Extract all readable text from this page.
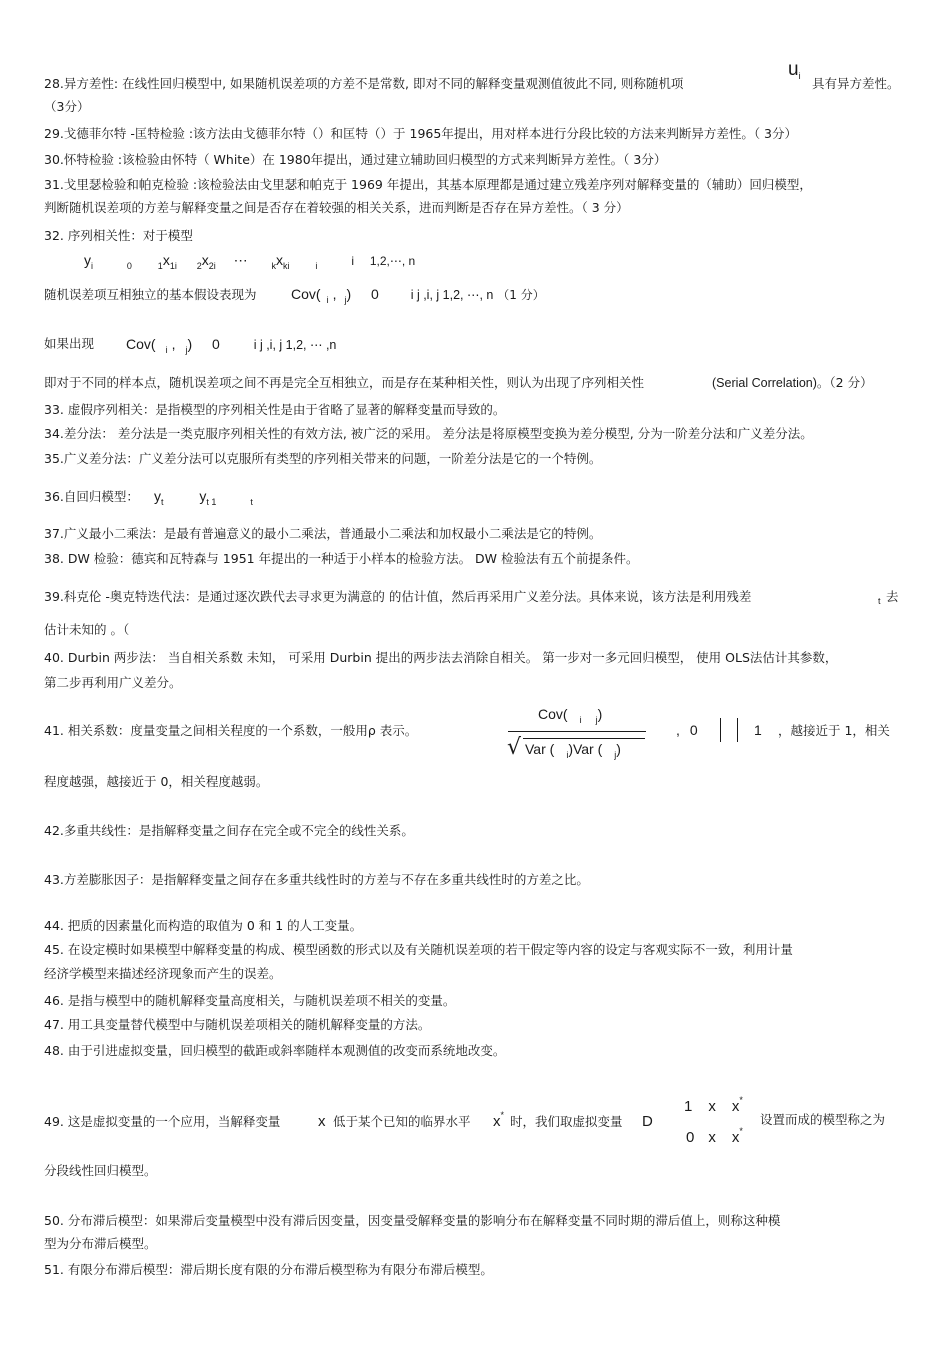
28.异方差性: 在线性回归模型中, 如果随机误差项的方差不是常数, 即对不同的解释变量观测值彼此不同, 则称随机项
$u_i$ 具有异方差性。
（3分）
29.戈德菲尔特 -匡特检验 :该方法由戈德菲尔特（）和匡特（）于 1965年提出，用对样本进行分段比较的方法来判断异方差性。（ 3分）
30.怀特检验 :该检验由怀特（ White）在 1980年提出，通过建立辅助回归模型的方式来判断异方差性。（ 3分）
31.戈里瑟检验和帕克检验 :该检验法由戈里瑟和帕克于 1969 年提出，其基本原理都是通过建立残差序列对解释变量的（辅助）回归模型，
判断随机误差项的方差与解释变量之间是否存在着较强的相关关系，进而判断是否存在异方差性。（ 3 分）
32. 序列相关性：对于模型
$y_i$	$_0$	$_1x_{1i}$ $_2x_{2i}$ ⋯	$_kx_{ki}$	$_i$	i 1,2,⋯, n
随机误差项互相独立的基本假设表现为 Cov( $_i$ , $_j$) 0	i j ,i, j 1,2, ⋯, n （1 分）
如果出现 Cov( $_i$ , $_j$) 0	i j ,i, j 1,2, ⋯ ,n
即对于不同的样本点，随机误差项之间不再是完全互相独立，而是存在某种相关性，则认为出现了序列相关性	(Serial Correlation)。（2 分）
33. 虚假序列相关：是指模型的序列相关性是由于省略了显著的解释变量而导致的。
34.差分法： 差分法是一类克服序列相关性的有效方法, 被广泛的采用。 差分法是将原模型变换为差分模型, 分为一阶差分法和广义差分法。
35.广义差分法：广义差分法可以克服所有类型的序列相关带来的问题，一阶差分法是它的一个特例。
36.自回归模型： $y_t$	$y_{t 1}$	$_t$
37.广义最小二乘法：是最有普遍意义的最小二乘法，普通最小二乘法和加权最小二乘法是它的特例。
38. DW 检验：德宾和瓦特森与 1951 年提出的一种适于小样本的检验方法。 DW 检验法有五个前提条件。
39.科克伦 -奥克特迭代法：是通过逐次跌代去寻求更为满意的 的估计值，然后再采用广义差分法。具体来说，该方法是利用残差	t 去
估计未知的 。（
40. Durbin 两步法： 当自相关系数 未知， 可采用 Durbin 提出的两步法去消除自相关。 第一步对一多元回归模型， 使用 OLS法估计其参数，
第二步再利用广义差分。
41. 相关系数：度量变量之间相关程度的一个系数，一般用ρ 表示。
Cov( $_i$ $_j$)
√ Var ( $_i$)Var ( $_j$)
, 0	1 ，越接近于 1，相关
程度越强，越接近于 0，相关程度越弱。
42.多重共线性：是指解释变量之间存在完全或不完全的线性关系。
43.方差膨胀因子：是指解释变量之间存在多重共线性时的方差与不存在多重共线性时的方差之比。
44. 把质的因素量化而构造的取值为 0 和 1 的人工变量。
45. 在设定模时如果模型中解释变量的构成、模型函数的形式以及有关随机误差项的若干假定等内容的设定与客观实际不一致，利用计量
经济学模型来描述经济现象而产生的误差。
46. 是指与模型中的随机解释变量高度相关，与随机误差项不相关的变量。
47. 用工具变量替代模型中与随机误差项相关的随机解释变量的方法。
48. 由于引进虚拟变量，回归模型的截距或斜率随样本观测值的改变而系统地改变。
49. 这是虚拟变量的一个应用，当解释变量	x 低于某个已知的临界水平 x* 时，我们取虚拟变量 D
1 x x*
0 x x*
设置而成的模型称之为
分段线性回归模型。
50. 分布滞后模型：如果滞后变量模型中没有滞后因变量，因变量受解释变量的影响分布在解释变量不同时期的滞后值上，则称这种模
型为分布滞后模型。
51. 有限分布滞后模型：滞后期长度有限的分布滞后模型称为有限分布滞后模型。
